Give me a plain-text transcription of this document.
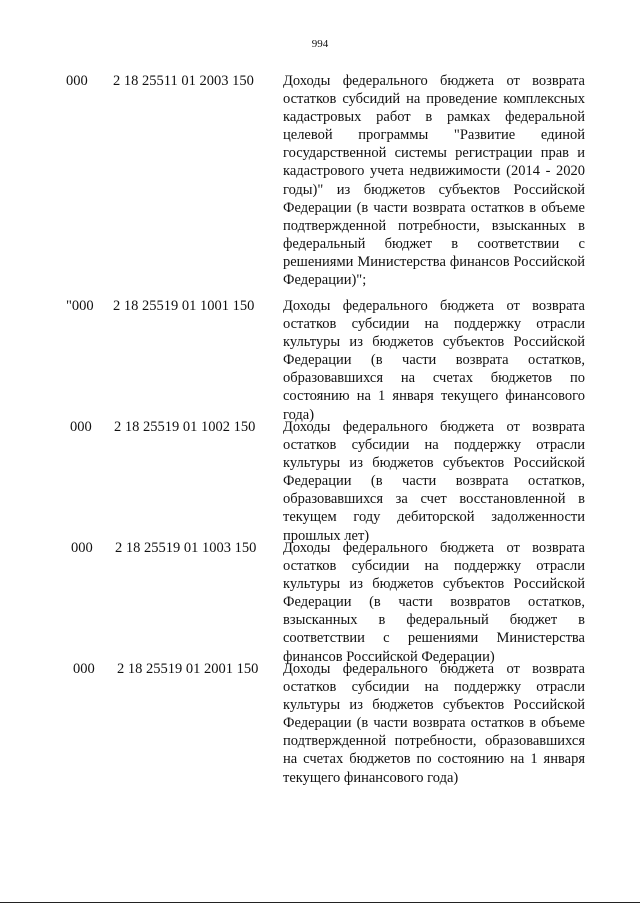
994
000 2 18 25511 01 2003 150 Доходы федерального бюджета от возврата остатков субсидий на проведение комплексных кадастровых работ в рамках федеральной целевой программы "Развитие единой государственной системы регистрации прав и кадастрового учета недвижимости (2014 - 2020 годы)" из бюджетов субъектов Российской Федерации (в части возврата остатков в объеме подтвержденной потребности, взысканных в федеральный бюджет в соответствии с решениями Министерства финансов Российской Федерации)";
"000 2 18 25519 01 1001 150 Доходы федерального бюджета от возврата остатков субсидии на поддержку отрасли культуры из бюджетов субъектов Российской Федерации (в части возврата остатков, образовавшихся на счетах бюджетов по состоянию на 1 января текущего финансового года)
000 2 18 25519 01 1002 150 Доходы федерального бюджета от возврата остатков субсидии на поддержку отрасли культуры из бюджетов субъектов Российской Федерации (в части возврата остатков, образовавшихся за счет восстановленной в текущем году дебиторской задолженности прошлых лет)
000 2 18 25519 01 1003 150 Доходы федерального бюджета от возврата остатков субсидии на поддержку отрасли культуры из бюджетов субъектов Российской Федерации (в части возвратов остатков, взысканных в федеральный бюджет в соответствии с решениями Министерства финансов Российской Федерации)
000 2 18 25519 01 2001 150 Доходы федерального бюджета от возврата остатков субсидии на поддержку отрасли культуры из бюджетов субъектов Российской Федерации (в части возврата остатков в объеме подтвержденной потребности, образовавшихся на счетах бюджетов по состоянию на 1 января текущего финансового года)
